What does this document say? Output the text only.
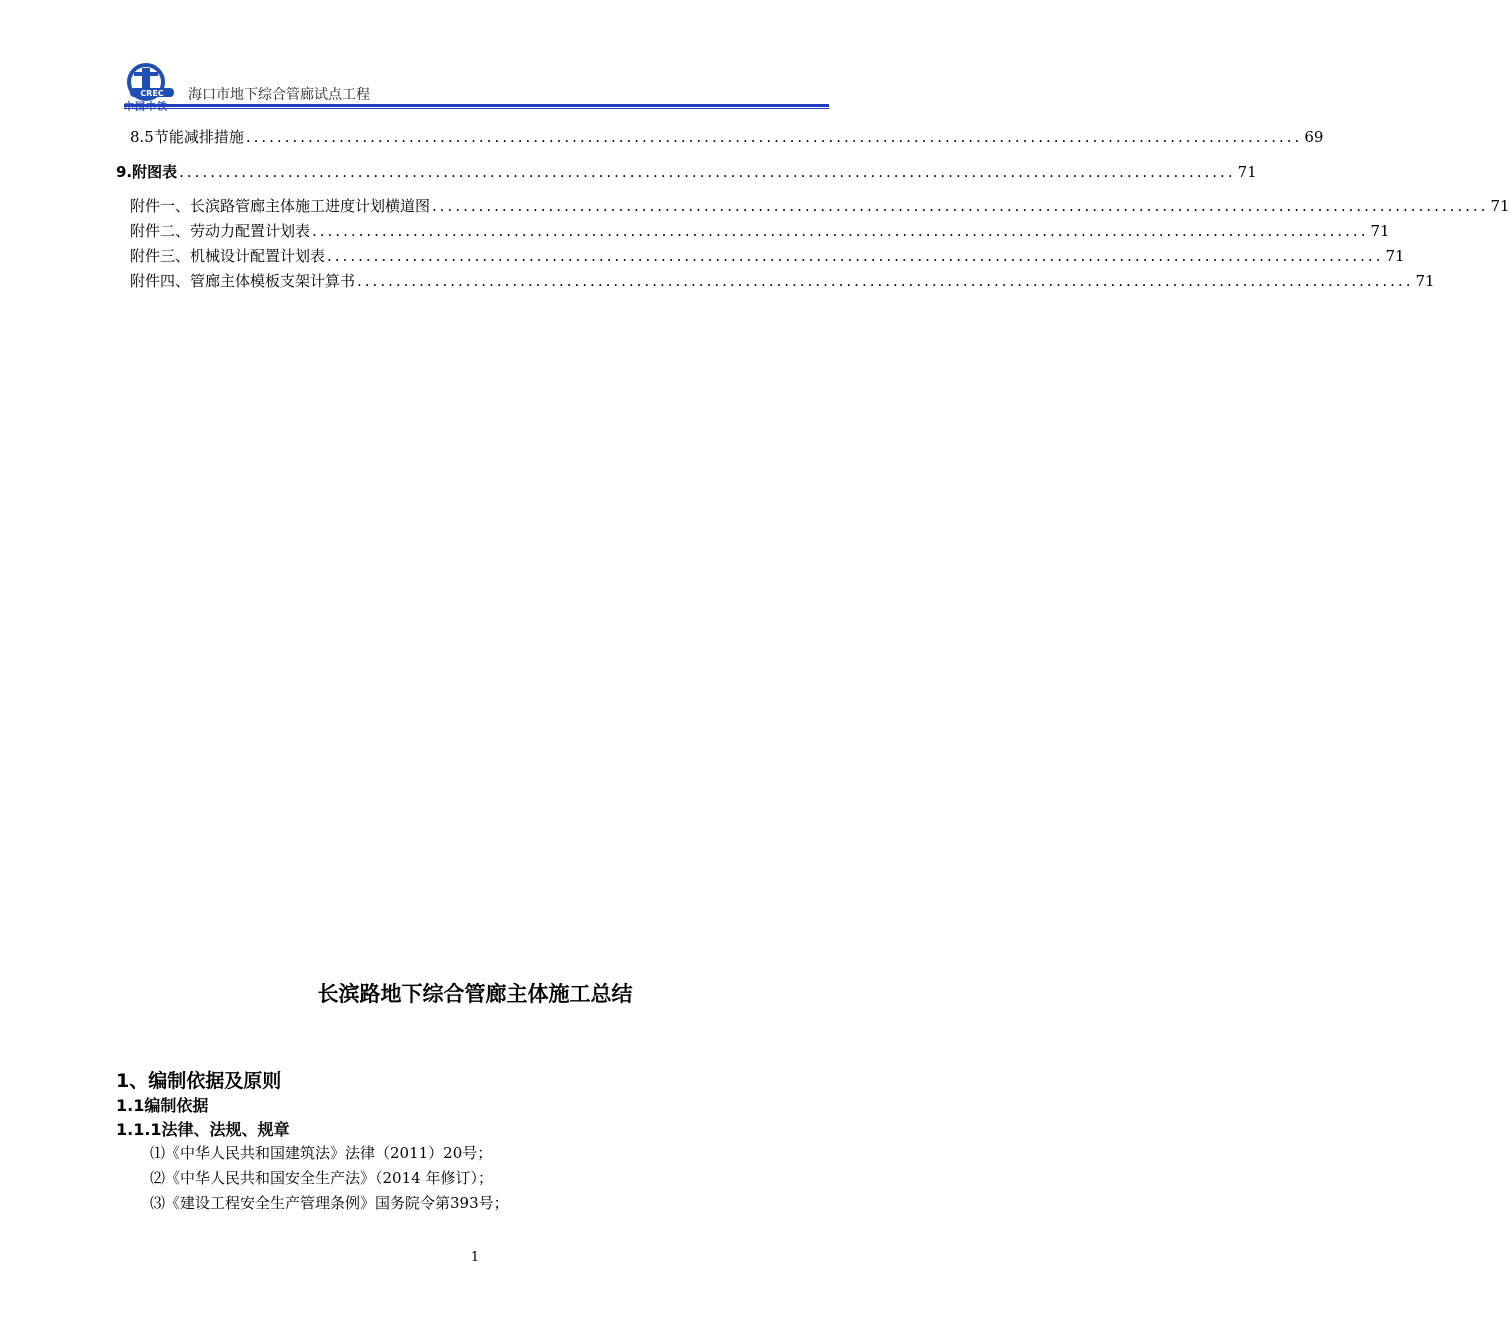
CREC 海口市地下综合管廊试点工程
8.5节能减排措施 ........................................................................................................................................ 69
9.附图表 ........................................................................................................................................ 71
附件一、长滨路管廊主体施工进度计划横道图 ........................................................................................................................................ 71
附件二、劳动力配置计划表 ........................................................................................................................................ 71
附件三、机械设计配置计划表 ........................................................................................................................................ 71
附件四、管廊主体模板支架计算书 ........................................................................................................................................ 71
长滨路地下综合管廊主体施工总结
1、编制依据及原则
1.1编制依据
1.1.1法律、法规、规章
⑴《中华人民共和国建筑法》法律（2011）20号；
⑵《中华人民共和国安全生产法》（2014 年修订）；
⑶《建设工程安全生产管理条例》国务院令第393号；
1
